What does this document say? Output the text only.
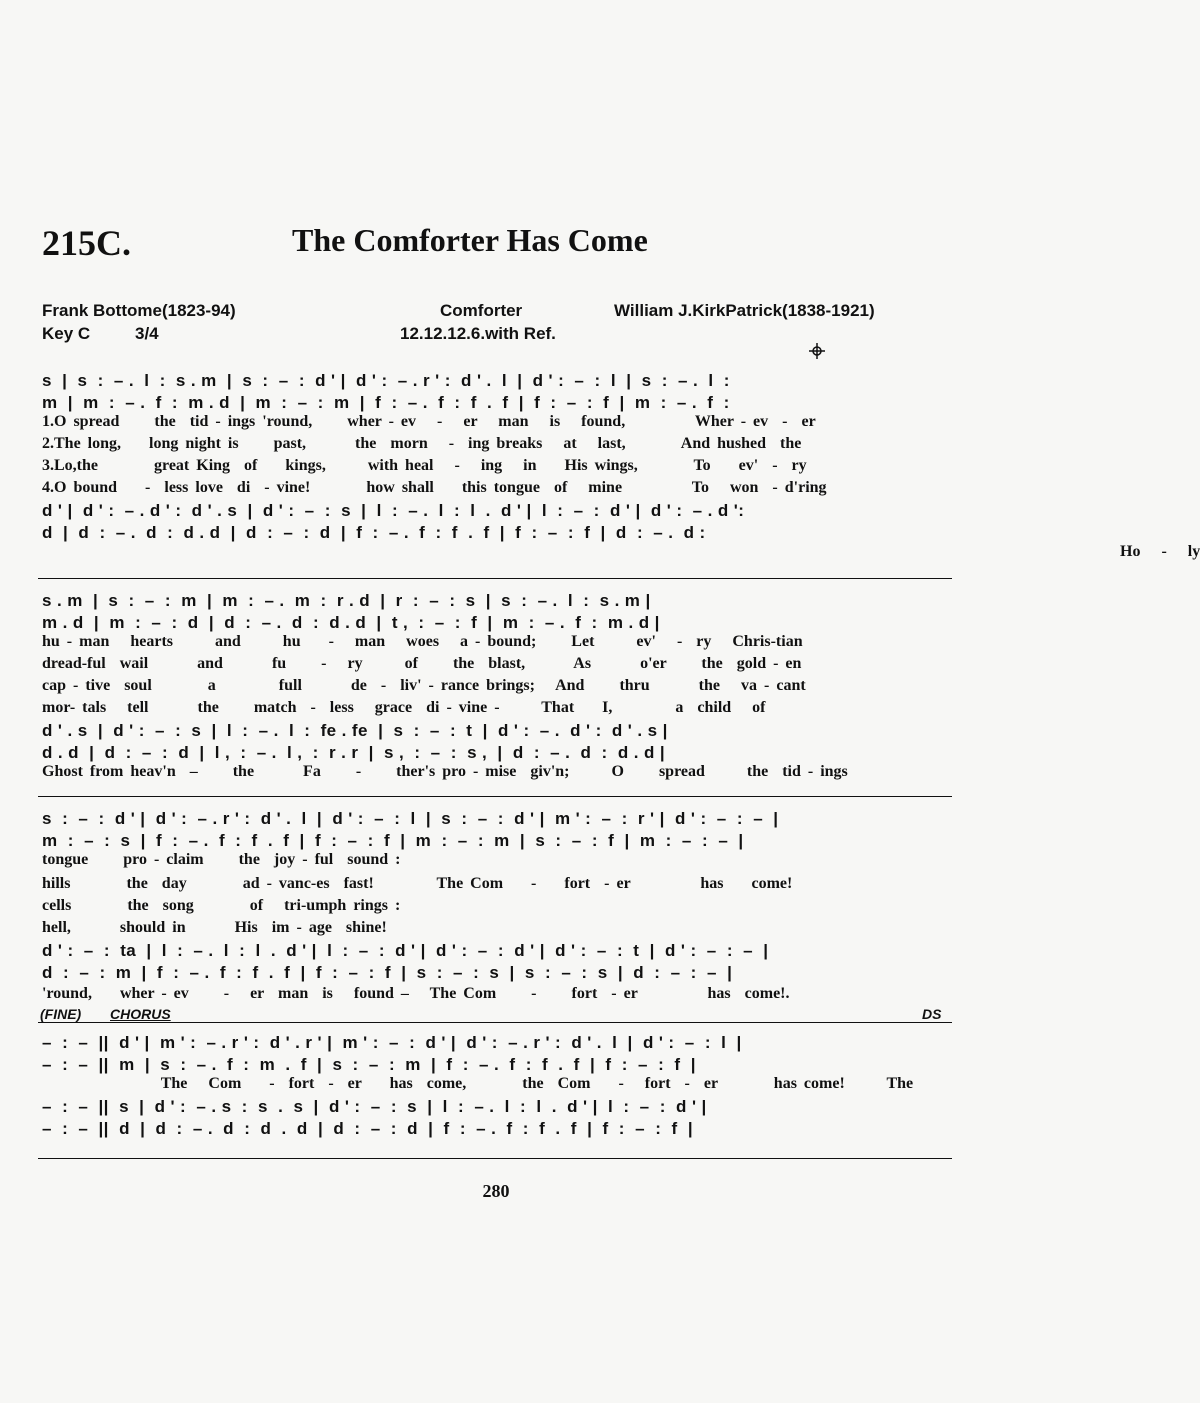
215C.	The Comforter Has Come
Frank Bottome(1823-94)
Key C	3/4
Comforter
12.12.12.6.with Ref.
William J.KirkPatrick(1838-1921)
s  |  s  :  – .  l  :  s . m  |  s  :  –  :  d ' |  d ' :  – . r ' :  d ' .  l  |  d ' :  –  :  l  |  s  :  – .  l  :
m  |  m  :  – .  f  :  m . d  |  m  :  –  :  m  |  f  :  – .  f  :  f  .  f  |  f  :  –  :  f  |  m  :  – .  f  :
1.O spread     the  tid - ings 'round,     wher - ev   -   er   man   is   found,          Wher - ev  -  er
2.The long,    long night is     past,       the  morn   -  ing breaks   at   last,        And hushed  the
3.Lo,the        great King  of    kings,      with heal   -   ing   in    His wings,        To    ev'  -  ry
4.O bound    -  less love  di  - vine!        how shall    this tongue  of   mine          To   won  - d'ring
d ' |  d ' :  – . d ' :  d ' . s  |  d ' :  –  :  s  |  l  :  – .  l  :  l  .  d ' |  l  :  –  :  d ' |  d ' :  – . d ':
d  |  d  :  – .  d  :  d . d  |  d  :  –  :  d  |  f  :  – .  f  :  f  .  f  |  f  :  –  :  f  |  d  :  – .  d :
Ho   -   ly
s . m  |  s  :  –  :  m  |  m  :  – .  m  :  r . d  |  r  :  –  :  s  |  s  :  – .  l  :  s . m |
m . d  |  m  :  –  :  d  |  d  :  – .  d  :  d . d  |  t ,  :  –  :  f  |  m  :  – .  f  :  m . d |
hu - man   hearts      and      hu    -   man   woes   a - bound;     Let      ev'   -  ry   Chris-tian
dread-ful  wail       and       fu     -   ry      of     the  blast,       As       o'er     the  gold - en
cap - tive  soul        a         full       de  -  liv' - rance brings;   And     thru       the   va - cant
mor- tals   tell       the     match  -  less   grace  di - vine -      That    I,         a  child   of
d ' . s  |  d ' :  –  :  s  |  l  :  – .  l  :  fe . fe  |  s  :  –  :  t  |  d ' :  – .  d ' :  d ' . s |
d . d  |  d  :  –  :  d  |  l ,  :  – .  l ,  :  r . r  |  s ,  :  –  :  s ,  |  d  :  – .  d  :  d . d |
Ghost from heav'n  –     the       Fa     -     ther's pro - mise  giv'n;      O     spread      the  tid - ings
s  :  –  :  d ' |  d ' :  – . r ' :  d ' .  l  |  d ' :  –  :  l  |  s  :  –  :  d ' |  m ' :  –  :  r ' |  d ' :  –  :  –  |
m  :  –  :  s  |  f  :  – .  f  :  f  .  f  |  f  :  –  :  f  |  m  :  –  :  m  |  s  :  –  :  f  |  m  :  –  :  –  |
tongue     pro - claim     the  joy - ful  sound :
hills        the  day        ad - vanc-es  fast!         The Com    -    fort  - er          has    come!
cells        the  song        of   tri-umph rings :
hell,       should in       His  im - age  shine!
d ' :  –  :  ta  |  l  :  – .  l  :  l  .  d ' |  l  :  –  :  d ' |  d ' :  –  :  d ' |  d ' :  –  :  t  |  d ' :  –  :  –  |
d  :  –  :  m  |  f  :  – .  f  :  f  .  f  |  f  :  –  :  f  |  s  :  –  :  s  |  s  :  –  :  s  |  d  :  –  :  –  |
'round,    wher - ev     -   er  man  is   found –   The Com     -     fort  - er          has  come!.
(FINE) CHORUS	DS
–  :  –  ||  d ' |  m ' :  – . r ' :  d ' . r ' |  m ' :  –  :  d ' |  d ' :  – . r ' :  d ' .  l  |  d ' :  –  :  l  |
–  :  –  ||  m  |  s  :  – .  f  :  m  .  f  |  s  :  –  :  m  |  f  :  – .  f  :  f  .  f  |  f  :  –  :  f  |
The   Com    -  fort  -  er    has  come,        the  Com    -   fort  -  er        has come!      The
–  :  –  ||  s  |  d ' :  – . s  :  s  .  s  |  d ' :  –  :  s  |  l  :  – .  l  :  l  .  d ' |  l  :  –  :  d ' |
–  :  –  ||  d  |  d  :  – .  d  :  d  .  d  |  d  :  –  :  d  |  f  :  – .  f  :  f  .  f  |  f  :  –  :  f  |
280
